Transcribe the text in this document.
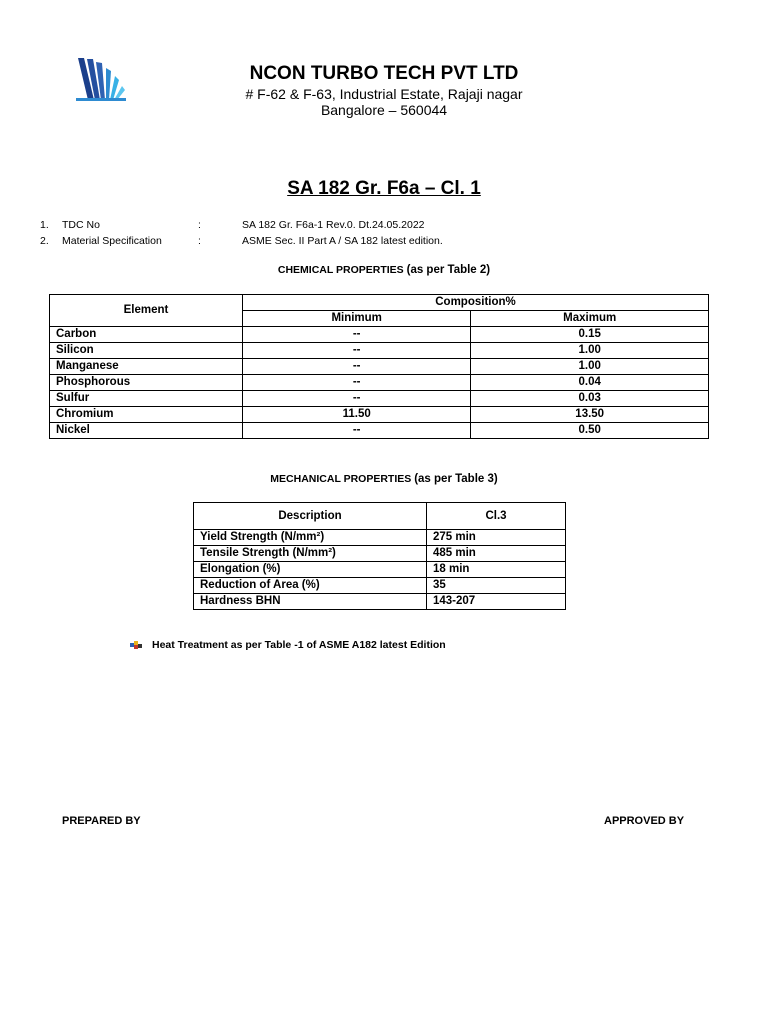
NCON TURBO TECH PVT LTD
# F-62 & F-63, Industrial Estate, Rajaji nagar
Bangalore – 560044
SA 182 Gr. F6a – Cl. 1
1. TDC No	:	SA 182 Gr. F6a-1 Rev.0. Dt.24.05.2022
2. Material Specification	:	ASME Sec. II Part A / SA 182 latest edition.
CHEMICAL PROPERTIES (as per Table 2)
Element	Composition%	
	Minimum	Maximum
Carbon	--	0.15
Silicon	--	1.00
Manganese	--	1.00
Phosphorous	--	0.04
Sulfur	--	0.03
Chromium	11.50	13.50
Nickel	--	0.50
MECHANICAL PROPERTIES (as per Table 3)
Description	Cl.3
Yield Strength (N/mm²)	275 min
Tensile Strength (N/mm²)	485 min
Elongation (%)	18 min
Reduction of Area (%)	35
Hardness BHN	143-207
Heat Treatment as per Table -1 of ASME A182 latest Edition
PREPARED BY	APPROVED BY
